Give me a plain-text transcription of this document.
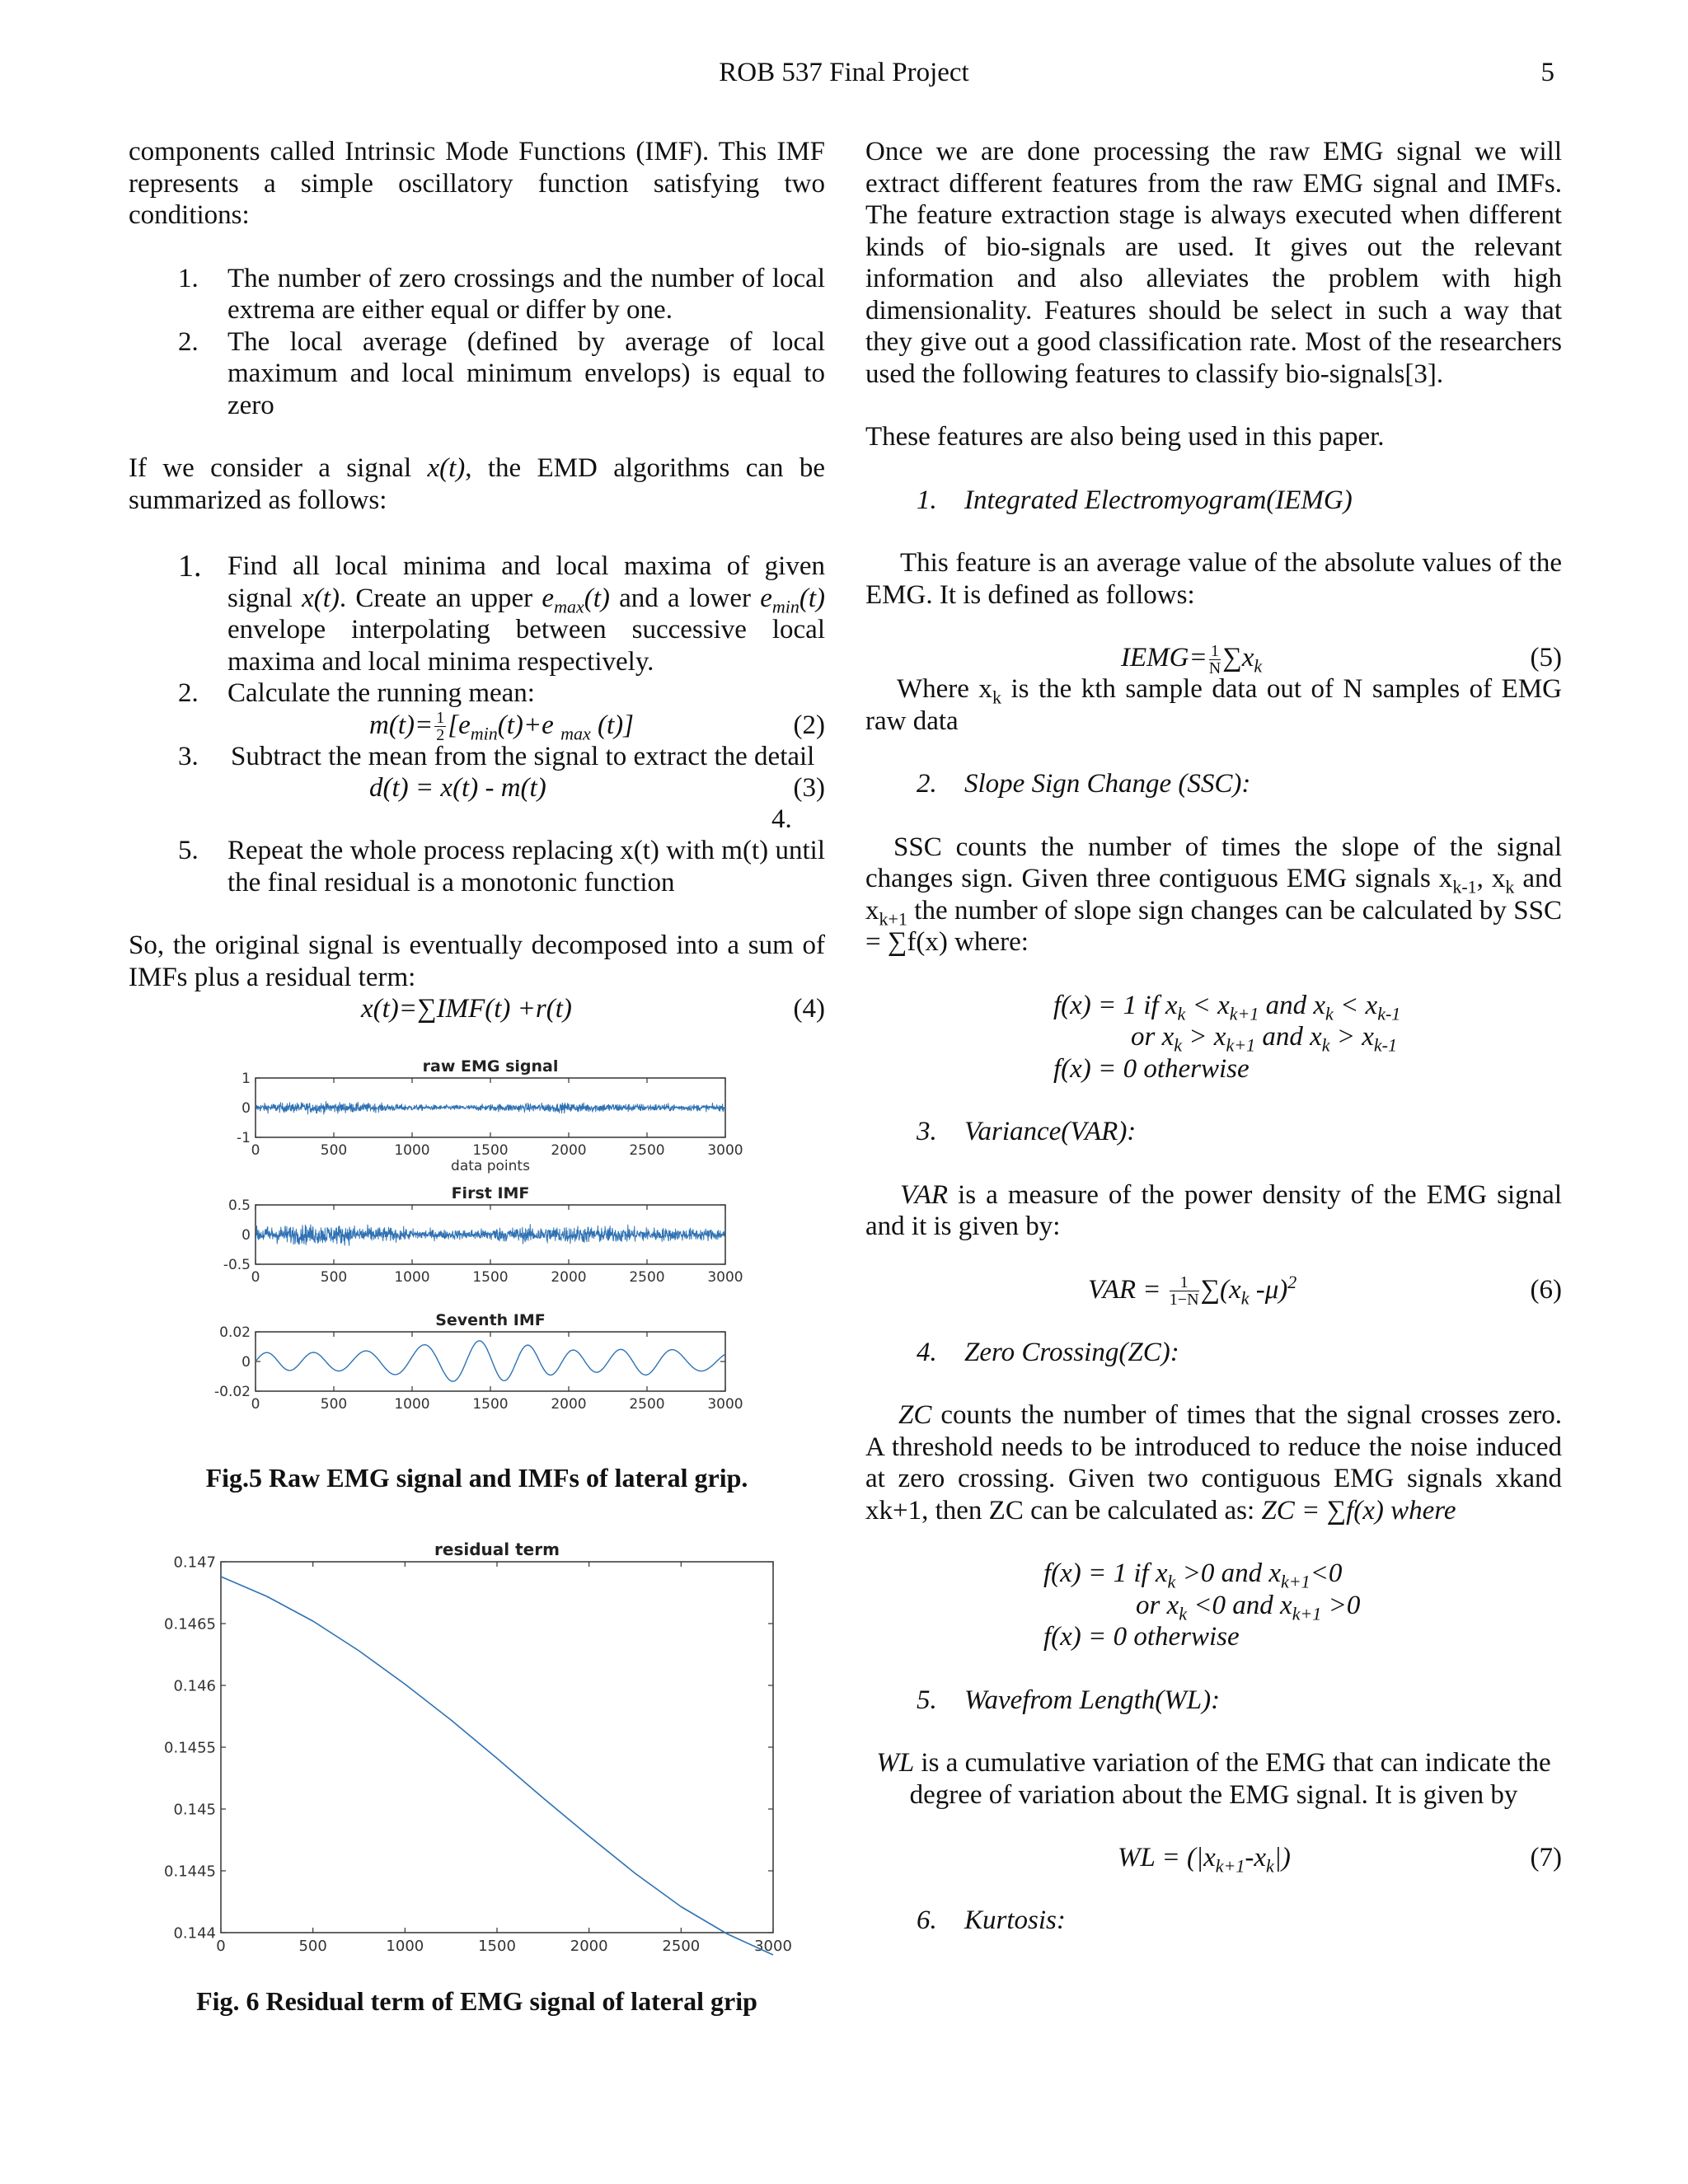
ROB 537 Final Project	5

components called Intrinsic Mode Functions (IMF). This IMF represents a simple oscillatory function satisfying two conditions:

1.	The number of zero crossings and the number of local extrema are either equal or differ by one.
2.	The local average (defined by average of local maximum and local minimum envelops) is equal to zero

If we consider a signal x(t), the EMD algorithms can be summarized as follows:

1. Find all local minima and local maxima of given signal x(t). Create an upper $e_{max}(t)$ and a lower $e_{min}(t)$ envelope interpolating between successive local maxima and local minima respectively.
2.	Calculate the running mean:
$m(t)= \frac{1}{2} [e_{min}(t)+e$ $_{max}$ (t)]	(2)
3.	Subtract the mean from the signal to extract the detail
d(t) = x(t) - m(t)	(3)
4.
5.	Repeat the whole process replacing x(t) with m(t) until the final residual is a monotonic function

So, the original signal is eventually decomposed into a sum of IMFs plus a residual term:

x(t)=∑IMF(t) +r(t)	(4)
raw EMG signal
0	500	1000	1500	2000	2500	3000
1
0
-1
data points
First IMF
0	500	1000	1500	2000	2500	3000
0.5
0
-0.5
Seventh IMF
0	500	1000	1500	2000	2500	3000
0.02
0
-0.02
Fig.5 Raw EMG signal and IMFs of lateral grip.
residual term
0	500	1000	1500	2000	2500	3000
0.147
0.1465
0.146
0.1455
0.145
0.1445
0.144
Fig. 6 Residual term of EMG signal of lateral grip

Once we are done processing the raw EMG signal we will extract different features from the raw EMG signal and IMFs. The feature extraction stage is always executed when different kinds of bio-signals are used. It gives out the relevant information and also alleviates the problem with high dimensionality. Features should be select in such a way that they give out a good classification rate. Most of the researchers used the following features to classify bio-signals[3].

These features are also being used in this paper.

1. Integrated Electromyogram(IEMG)

This feature is an average value of the absolute values of the EMG. It is defined as follows:

IEMG= $\frac{1}{N} \sum x_k$	(5)

Where $x_k$ is the kth sample data out of N samples of EMG raw data

2. Slope Sign Change (SSC):

SSC counts the number of times the slope of the signal changes sign. Given three contiguous EMG signals $x_{k-1}$, $x_k$ and $x_{k+1}$ the number of slope sign changes can be calculated by SSC = ∑f(x) where:

f(x) = 1 if $x_k < x_{k+1}$ and $x_k < x_{k-1}$
or $x_k > x_{k+1}$ and $x_k > x_{k-1}$
f(x) = 0 otherwise

3. Variance(VAR):

VAR is a measure of the power density of the EMG signal and it is given by:

VAR = $\frac{1}{1-N} \sum(x_k$ -μ)$^2$	(6)

4. Zero Crossing(ZC):

ZC counts the number of times that the signal crosses zero. A threshold needs to be introduced to reduce the noise induced at zero crossing. Given two contiguous EMG signals xkand xk+1, then ZC can be calculated as: ZC = ∑f(x) where

f(x) = 1 if $x_k >0$ and $x_{k+1}<0$
or $x_k <0$ and $x_{k+1} >0$
f(x) = 0 otherwise

5. Wavefrom Length(WL):

WL is a cumulative variation of the EMG that can indicate the degree of variation about the EMG signal. It is given by

WL = $(|x_{k+1}-x_k|)$	(7)

6. Kurtosis:
